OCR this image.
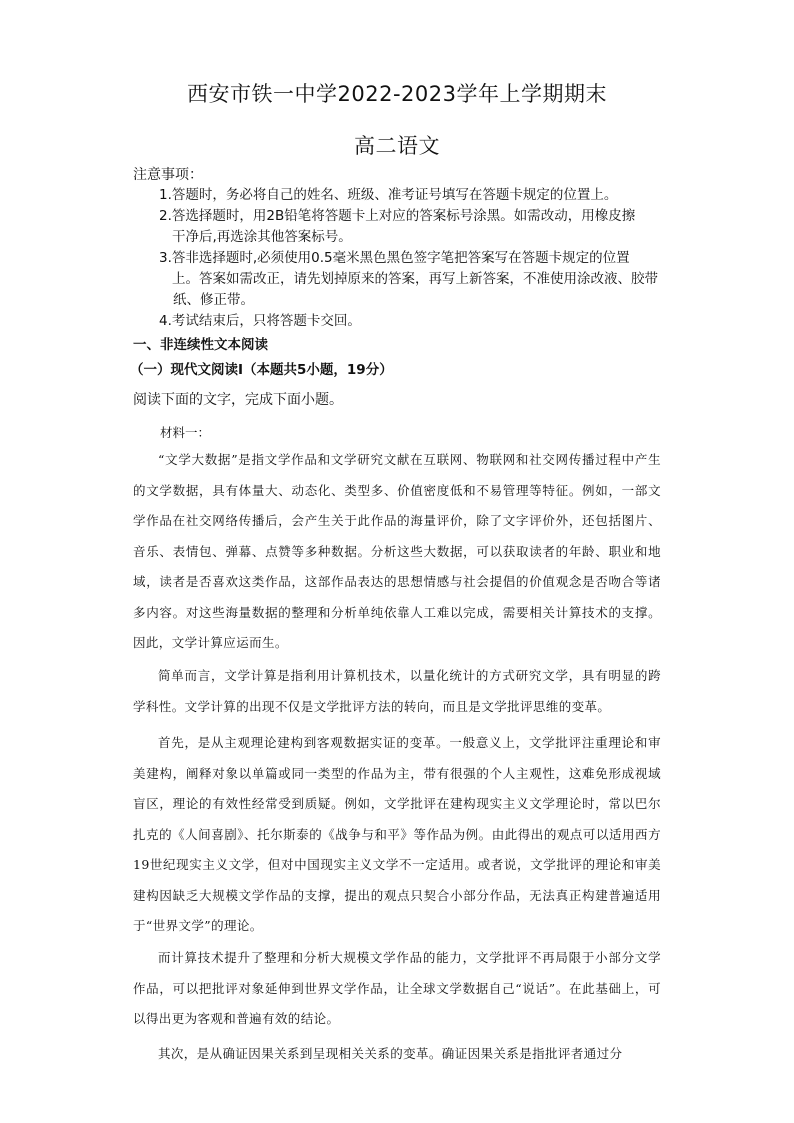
西安市铁一中学2022-2023学年上学期期末
高二语文
注意事项：
1.答题时，务必将自己的姓名、班级、准考证号填写在答题卡规定的位置上。
2.答选择题时，用2B铅笔将答题卡上对应的答案标号涂黑。如需改动，用橡皮擦
干净后,再选涂其他答案标号。
3.答非选择题时,必须使用0.5毫米黑色黑色签字笔把答案写在答题卡规定的位置
上。答案如需改正，请先划掉原来的答案，再写上新答案，不准使用涂改液、胶带纸、修正带。
4.考试结束后，只将答题卡交回。
一、非连续性文本阅读
（一）现代文阅读Ⅰ（本题共5小题，19分）
阅读下面的文字，完成下面小题。
材料一：
“文学大数据”是指文学作品和文学研究文献在互联网、物联网和社交网传播过程中产生的文学数据，具有体量大、动态化、类型多、价值密度低和不易管理等特征。例如，一部文学作品在社交网络传播后，会产生关于此作品的海量评价，除了文字评价外，还包括图片、音乐、表情包、弹幕、点赞等多种数据。分析这些大数据，可以获取读者的年龄、职业和地域，读者是否喜欢这类作品，这部作品表达的思想情感与社会提倡的价值观念是否吻合等诸多内容。对这些海量数据的整理和分析单纯依靠人工难以完成，需要相关计算技术的支撑。因此，文学计算应运而生。
简单而言，文学计算是指利用计算机技术，以量化统计的方式研究文学，具有明显的跨学科性。文学计算的出现不仅是文学批评方法的转向，而且是文学批评思维的变革。
首先，是从主观理论建构到客观数据实证的变革。一般意义上，文学批评注重理论和审美建构，阐释对象以单篇或同一类型的作品为主，带有很强的个人主观性，这难免形成视域盲区，理论的有效性经常受到质疑。例如，文学批评在建构现实主义文学理论时，常以巴尔扎克的《人间喜剧》、托尔斯泰的《战争与和平》等作品为例。由此得出的观点可以适用西方19世纪现实主义文学，但对中国现实主义文学不一定适用。或者说，文学批评的理论和审美建构因缺乏大规模文学作品的支撑，提出的观点只契合小部分作品，无法真正构建普遍适用于“世界文学”的理论。
而计算技术提升了整理和分析大规模文学作品的能力，文学批评不再局限于小部分文学作品，可以把批评对象延伸到世界文学作品，让全球文学数据自己“说话”。在此基础上，可以得出更为客观和普遍有效的结论。
其次，是从确证因果关系到呈现相关关系的变革。确证因果关系是指批评者通过分
